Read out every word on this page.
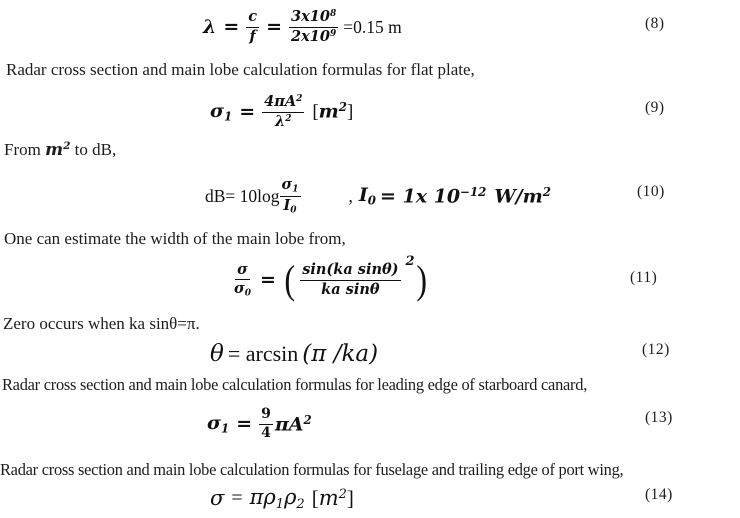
$\lambda = \frac{c}{f} = \frac{3x10^8}{2x10^9} =0.15$ m	(8)
Radar cross section and main lobe calculation formulas for flat plate,
$\sigma_1 = \frac{4\pi A^2}{\lambda^2} [m^2]$	(9)
From $m^2$ to dB,
$dB= 10\log \frac{\sigma_1}{I_0}$	, $I_0 = 1x$ $10^{-12}$ $W/m^2$	(10)
One can estimate the width of the main lobe from,
$\frac{\sigma}{\sigma_0}$ = ( $\frac{\text{sin(ka sinθ)}}{\text{ka sinθ}}$
2 )	(11)
Zero occurs when ka sinθ=π.
θ = arcsin (π /ka)	(12)
Radar cross section and main lobe calculation formulas for leading edge of starboard canard,
$\sigma_1 = \frac{9}{4} \pi A^2$	(13)
Radar cross section and main lobe calculation formulas for fuselage and trailing edge of port wing,
$\sigma = \pi\rho_1\rho_2$ $[m^2]$	(14)
